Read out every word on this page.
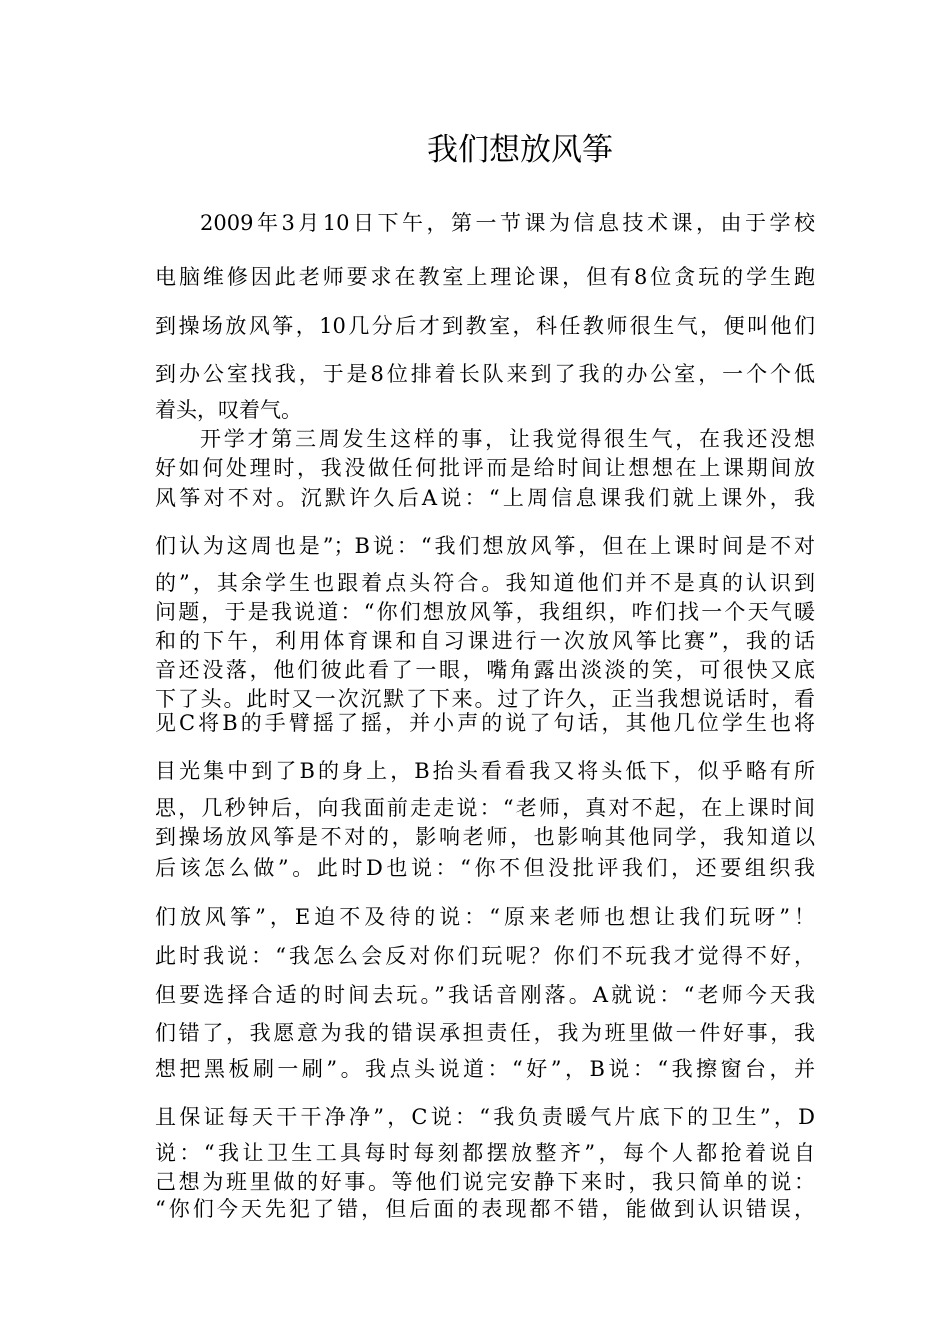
我们想放风筝
2009年3月10日下午，第一节课为信息技术课，由于学校
电脑维修因此老师要求在教室上理论课，但有8位贪玩的学生跑
到操场放风筝，10几分后才到教室，科任教师很生气，便叫他们
到办公室找我，于是8位排着长队来到了我的办公室，一个个低
着头，叹着气。
开学才第三周发生这样的事，让我觉得很生气，在我还没想
好如何处理时，我没做任何批评而是给时间让想想在上课期间放
风筝对不对。沉默许久后A说：“上周信息课我们就上课外，我
们认为这周也是”；B说：“我们想放风筝，但在上课时间是不对
的”，其余学生也跟着点头符合。我知道他们并不是真的认识到
问题，于是我说道：“你们想放风筝，我组织，咋们找一个天气暖
和的下午，利用体育课和自习课进行一次放风筝比赛”，我的话
音还没落，他们彼此看了一眼，嘴角露出淡淡的笑，可很快又底
下了头。此时又一次沉默了下来。过了许久，正当我想说话时，看
见C将B的手臂摇了摇，并小声的说了句话，其他几位学生也将
目光集中到了B的身上，B抬头看看我又将头低下，似乎略有所
思，几秒钟后，向我面前走走说：“老师，真对不起，在上课时间
到操场放风筝是不对的，影响老师，也影响其他同学，我知道以
后该怎么做”。此时D也说：“你不但没批评我们，还要组织我
们放风筝”，E迫不及待的说：“原来老师也想让我们玩呀”！
此时我说：“我怎么会反对你们玩呢？你们不玩我才觉得不好，
但要选择合适的时间去玩。”我话音刚落。A就说：“老师今天我
们错了，我愿意为我的错误承担责任，我为班里做一件好事，我
想把黑板刷一刷”。我点头说道：“好”，B说：“我擦窗台，并
且保证每天干干净净”，C说：“我负责暖气片底下的卫生”，D
说：“我让卫生工具每时每刻都摆放整齐”，每个人都抢着说自
己想为班里做的好事。等他们说完安静下来时，我只简单的说：
“你们今天先犯了错，但后面的表现都不错，能做到认识错误，
